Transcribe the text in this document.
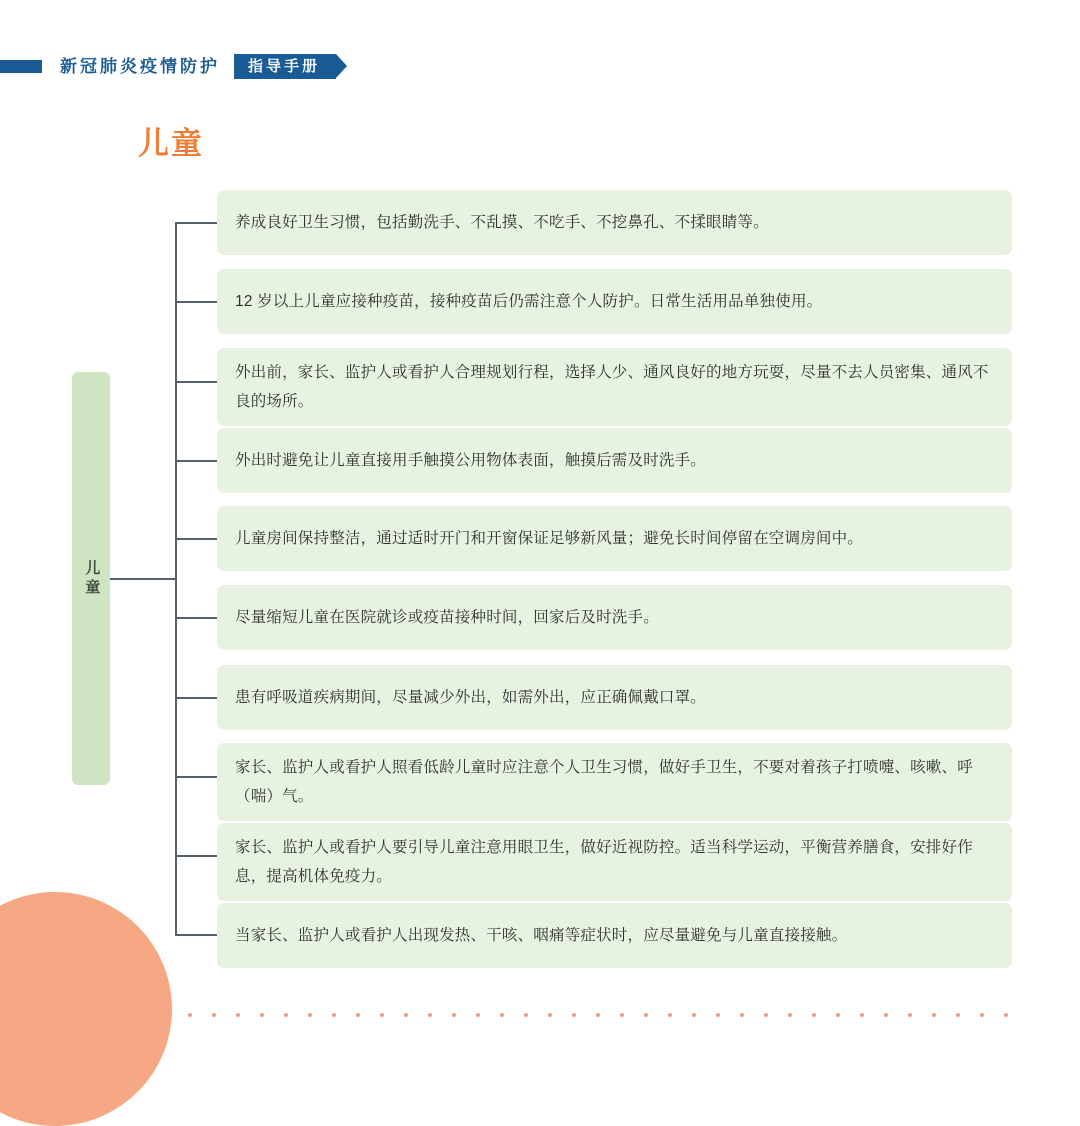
新冠肺炎疫情防护	指导手册
儿童
儿童
养成良好卫生习惯，包括勤洗手、不乱摸、不吃手、不挖鼻孔、不揉眼睛等。
12 岁以上儿童应接种疫苗，接种疫苗后仍需注意个人防护。日常生活用品单独使用。
外出前，家长、监护人或看护人合理规划行程，选择人少、通风良好的地方玩耍，尽量不去人员密集、通风不良的场所。
外出时避免让儿童直接用手触摸公用物体表面，触摸后需及时洗手。
儿童房间保持整洁，通过适时开门和开窗保证足够新风量；避免长时间停留在空调房间中。
尽量缩短儿童在医院就诊或疫苗接种时间，回家后及时洗手。
患有呼吸道疾病期间，尽量减少外出，如需外出，应正确佩戴口罩。
家长、监护人或看护人照看低龄儿童时应注意个人卫生习惯，做好手卫生，不要对着孩子打喷嚏、咳嗽、呼（喘）气。
家长、监护人或看护人要引导儿童注意用眼卫生，做好近视防控。适当科学运动，平衡营养膳食，安排好作息，提高机体免疫力。
当家长、监护人或看护人出现发热、干咳、咽痛等症状时，应尽量避免与儿童直接接触。
